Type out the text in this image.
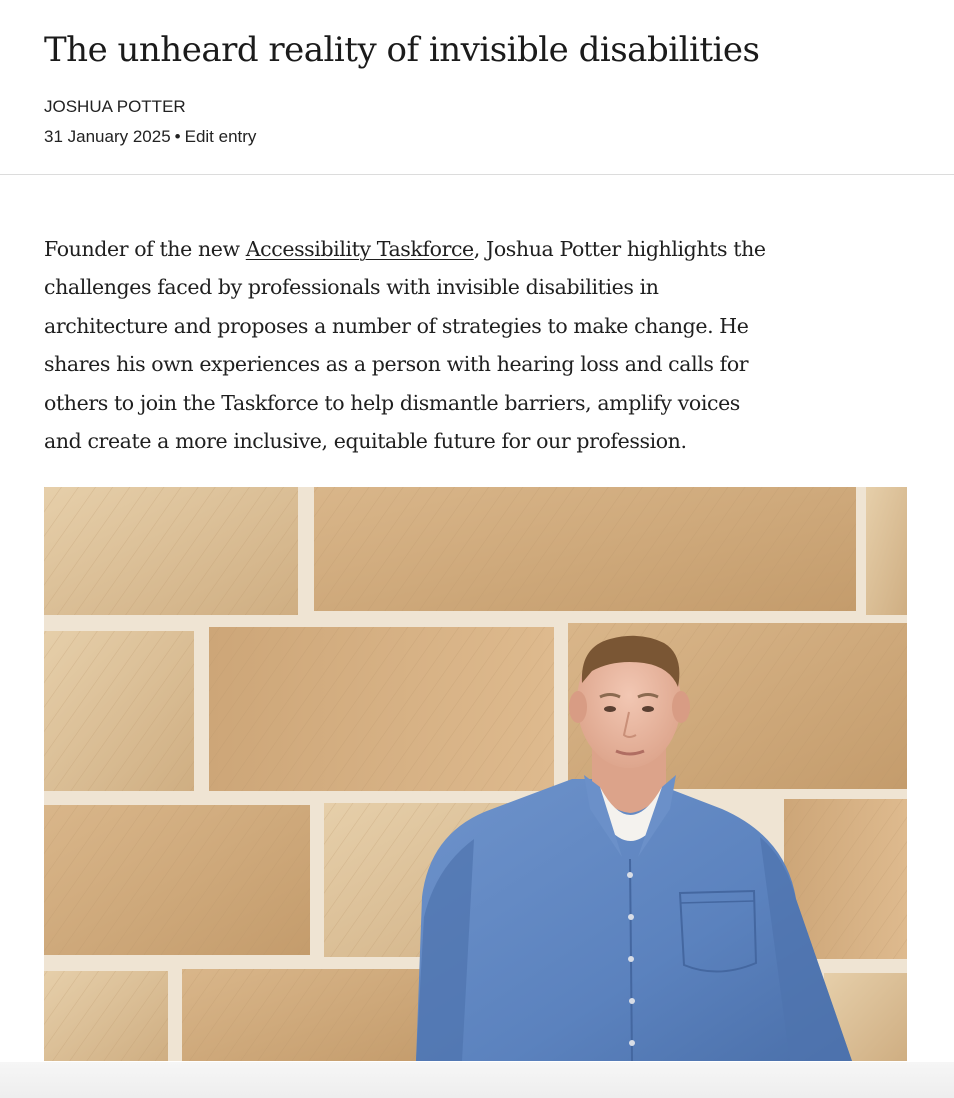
The unheard reality of invisible disabilities
JOSHUA POTTER
31 January 2025 • Edit entry

Founder of the new Accessibility Taskforce, Joshua Potter highlights the
challenges faced by professionals with invisible disabilities in
architecture and proposes a number of strategies to make change. He
shares his own experiences as a person with hearing loss and calls for
others to join the Taskforce to help dismantle barriers, amplify voices
and create a more inclusive, equitable future for our profession.
